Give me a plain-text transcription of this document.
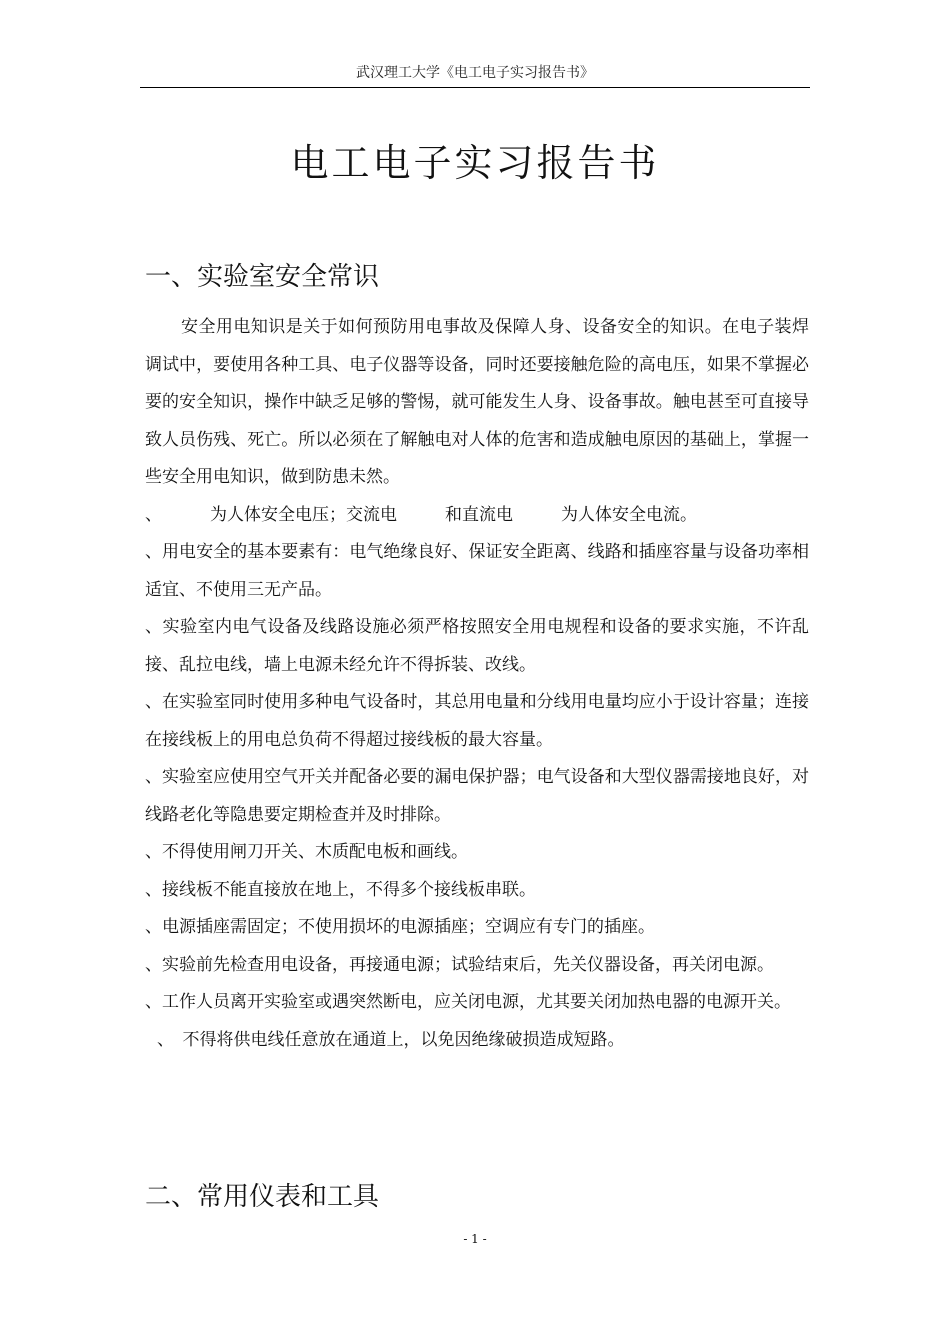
武汉理工大学《电工电子实习报告书》
电工电子实习报告书
一、实验室安全常识

安全用电知识是关于如何预防用电事故及保障人身、设备安全的知识。在电子装焊调试中，要使用各种工具、电子仪器等设备，同时还要接触危险的高电压，如果不掌握必要的安全知识，操作中缺乏足够的警惕，就可能发生人身、设备事故。触电甚至可直接导致人员伤残、死亡。所以必须在了解触电对人体的危害和造成触电原因的基础上，掌握一些安全用电知识，做到防患未然。

、	为人体安全电压；交流电	和直流电	为人体安全电流。

、用电安全的基本要素有：电气绝缘良好、保证安全距离、线路和插座容量与设备功率相适宜、不使用三无产品。

、实验室内电气设备及线路设施必须严格按照安全用电规程和设备的要求实施，不许乱接、乱拉电线，墙上电源未经允许不得拆装、改线。

、在实验室同时使用多种电气设备时，其总用电量和分线用电量均应小于设计容量；连接在接线板上的用电总负荷不得超过接线板的最大容量。

、实验室应使用空气开关并配备必要的漏电保护器；电气设备和大型仪器需接地良好，对线路老化等隐患要定期检查并及时排除。

、不得使用闸刀开关、木质配电板和画线。

、接线板不能直接放在地上，不得多个接线板串联。

、电源插座需固定；不使用损坏的电源插座；空调应有专门的插座。

、实验前先检查用电设备，再接通电源；试验结束后，先关仪器设备，再关闭电源。

、工作人员离开实验室或遇突然断电，应关闭电源，尤其要关闭加热电器的电源开关。

、　不得将供电线任意放在通道上，以免因绝缘破损造成短路。

二、常用仪表和工具
- 1 -
